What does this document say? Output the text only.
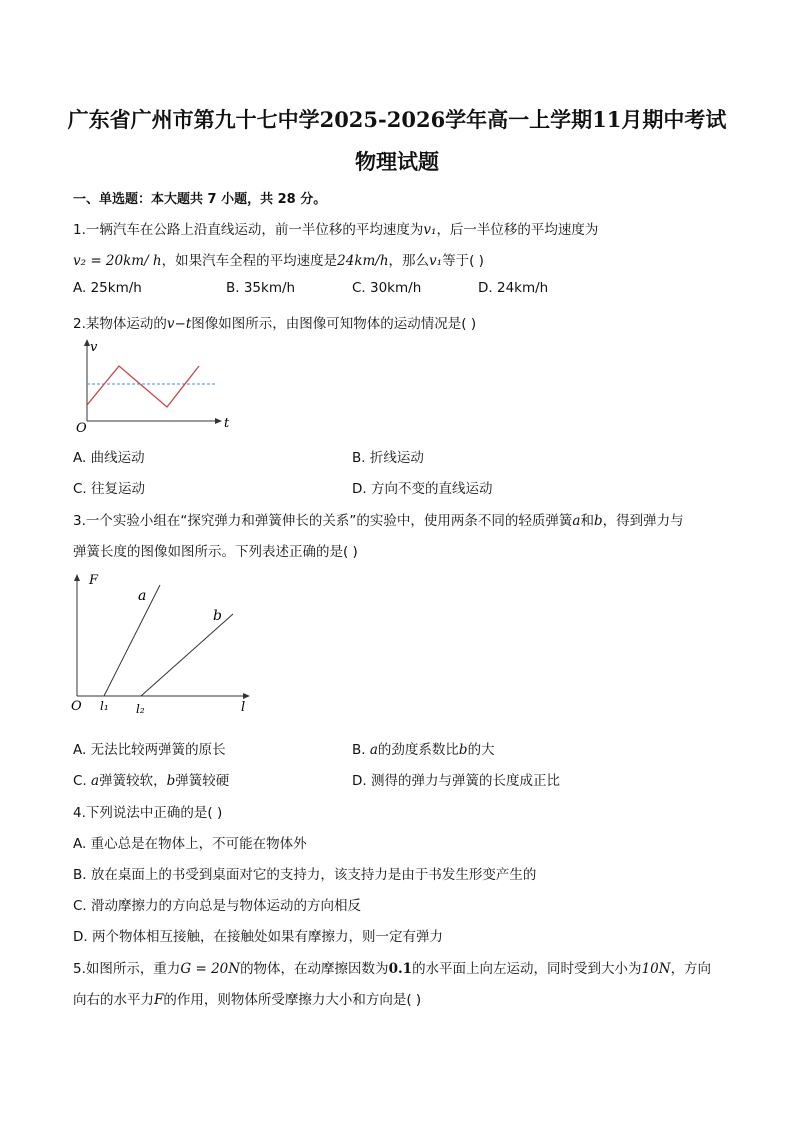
广东省广州市第九十七中学2025-2026学年高一上学期11月期中考试
物理试题
一、单选题：本大题共 7 小题，共 28 分。
1.一辆汽车在公路上沿直线运动，前一半位移的平均速度为v₁，后一半位移的平均速度为
v₂ = 20km/ h，如果汽车全程的平均速度是24km/h，那么v₁等于( )
A. 25km/h	B. 35km/h	C. 30km/h	D. 24km/h
2.某物体运动的v−t图像如图所示，由图像可知物体的运动情况是( )
v
t
O
A. 曲线运动	B. 折线运动
C. 往复运动	D. 方向不变的直线运动
3.一个实验小组在“探究弹力和弹簧伸长的关系”的实验中，使用两条不同的轻质弹簧a和b，得到弹力与
弹簧长度的图像如图所示。下列表述正确的是( )
F
a
b
O l₁ l₂	l
A. 无法比较两弹簧的原长	B. a的劲度系数比b的大
C. a弹簧较软，b弹簧较硬	D. 测得的弹力与弹簧的长度成正比
4.下列说法中正确的是( )
A. 重心总是在物体上，不可能在物体外
B. 放在桌面上的书受到桌面对它的支持力，该支持力是由于书发生形变产生的
C. 滑动摩擦力的方向总是与物体运动的方向相反
D. 两个物体相互接触，在接触处如果有摩擦力，则一定有弹力
5.如图所示，重力G = 20N的物体，在动摩擦因数为0.1的水平面上向左运动，同时受到大小为10N，方向
向右的水平力F的作用，则物体所受摩擦力大小和方向是( )
